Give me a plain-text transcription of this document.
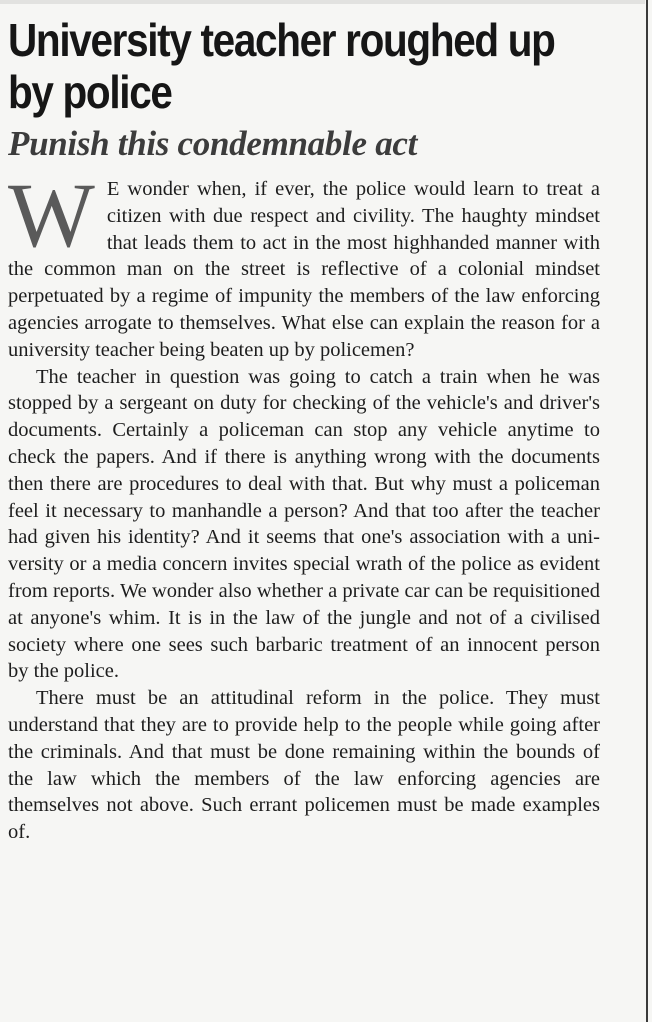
University teacher roughed up by police
Punish this condemnable act

W E wonder when, if ever, the police would learn to treat a citizen with due respect and civility. The haughty mindset that leads them to act in the most highhanded manner with the common man on the street is reflective of a colonial mindset perpetuated by a regime of impunity the members of the law enforcing agencies arrogate to themselves. What else can explain the reason for a university teacher being beaten up by policemen?

The teacher in question was going to catch a train when he was stopped by a sergeant on duty for checking of the vehicle's and driver's documents. Certainly a policeman can stop any vehicle anytime to check the papers. And if there is anything wrong with the documents then there are procedures to deal with that. But why must a policeman feel it necessary to manhandle a person? And that too after the teacher had given his identity? And it seems that one's association with a university or a media concern invites special wrath of the police as evident from reports. We wonder also whether a private car can be requisitioned at anyone's whim. It is in the law of the jungle and not of a civilised society where one sees such barbaric treatment of an innocent person by the police.

There must be an attitudinal reform in the police. They must understand that they are to provide help to the people while going after the criminals. And that must be done remaining within the bounds of the law which the members of the law enforcing agencies are themselves not above. Such errant policemen must be made examples of.
